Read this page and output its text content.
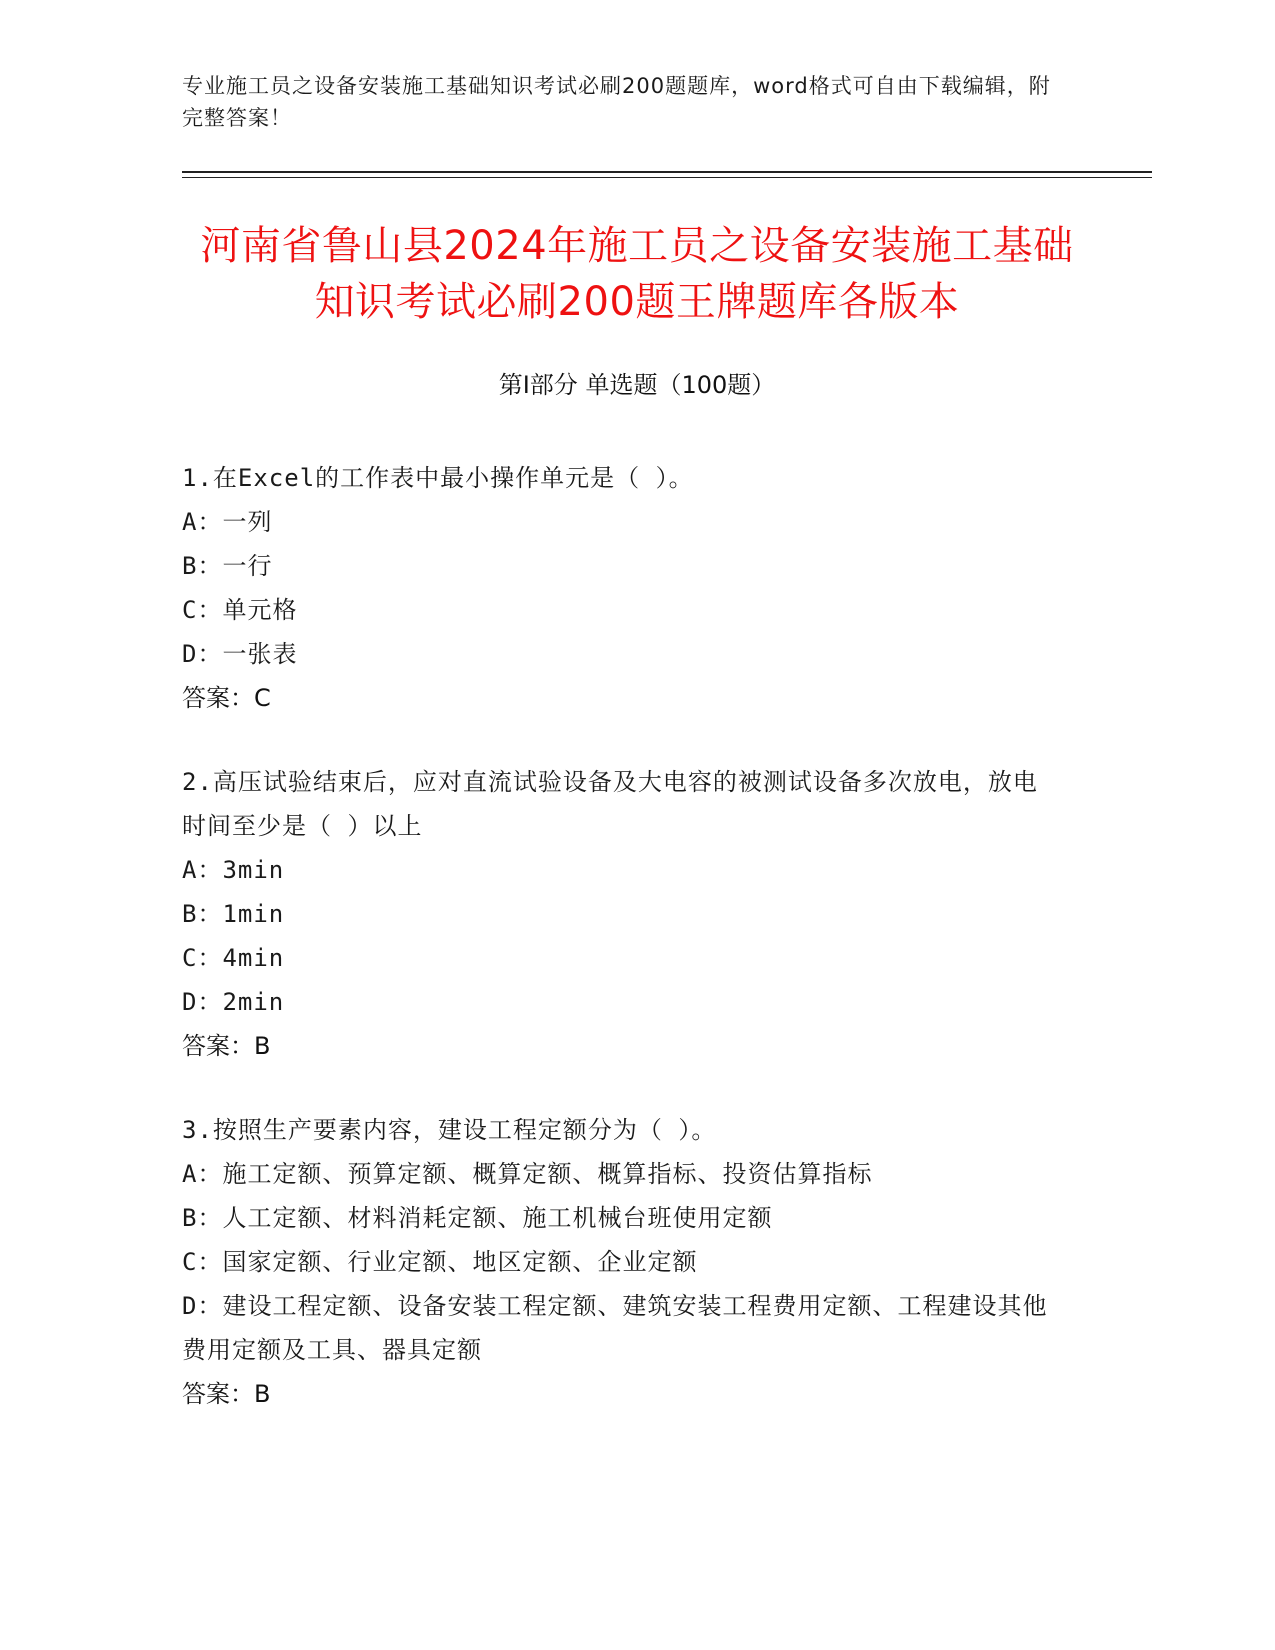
专业施工员之设备安装施工基础知识考试必刷200题题库，word格式可自由下载编辑，附完整答案！
河南省鲁山县2024年施工员之设备安装施工基础知识考试必刷200题王牌题库各版本
第Ⅰ部分 单选题（100题）

1.在Excel的工作表中最小操作单元是（ ）。

A：一列

B：一行

C：单元格

D：一张表

答案：C

2.高压试验结束后，应对直流试验设备及大电容的被测试设备多次放电，放电时间至少是（ ）以上

A：3min

B：1min

C：4min

D：2min

答案：B

3.按照生产要素内容，建设工程定额分为（ ）。

A：施工定额、预算定额、概算定额、概算指标、投资估算指标

B：人工定额、材料消耗定额、施工机械台班使用定额

C：国家定额、行业定额、地区定额、企业定额

D：建设工程定额、设备安装工程定额、建筑安装工程费用定额、工程建设其他费用定额及工具、器具定额

答案：B
